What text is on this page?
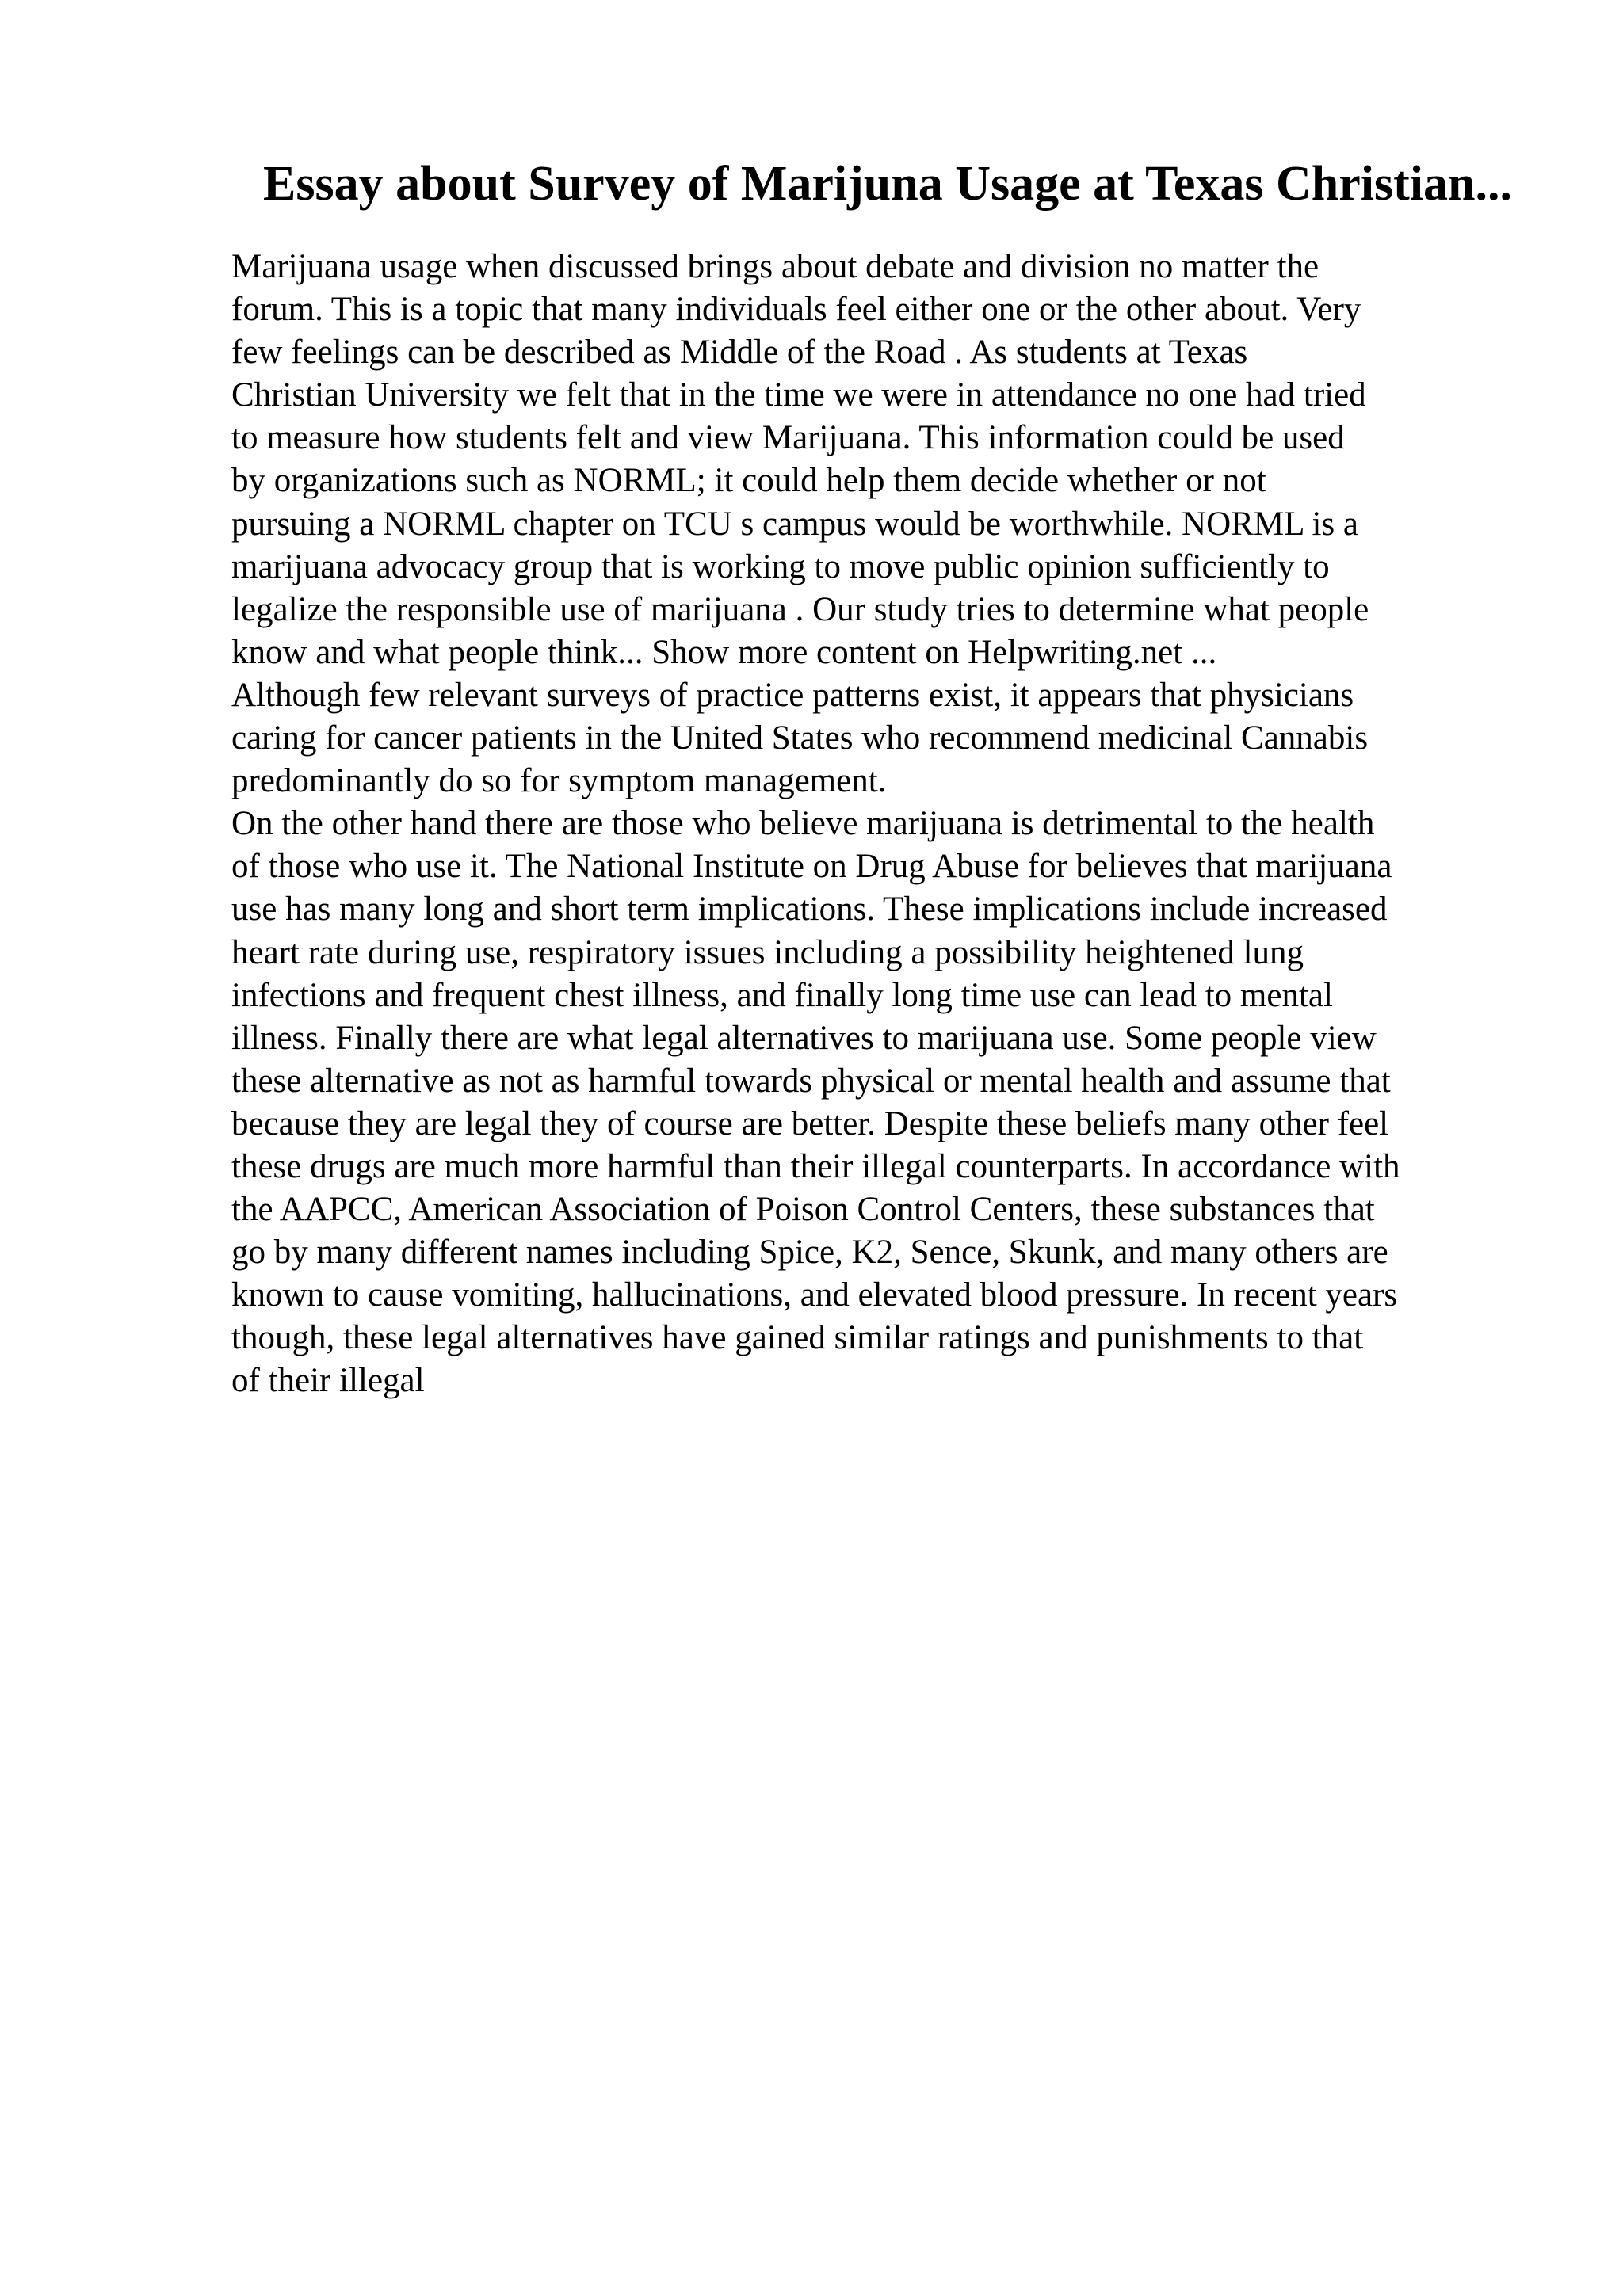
Essay about Survey of Marijuna Usage at Texas Christian...
Marijuana usage when discussed brings about debate and division no matter the
forum. This is a topic that many individuals feel either one or the other about. Very
few feelings can be described as Middle of the Road . As students at Texas
Christian University we felt that in the time we were in attendance no one had tried
to measure how students felt and view Marijuana. This information could be used
by organizations such as NORML; it could help them decide whether or not
pursuing a NORML chapter on TCU s campus would be worthwhile. NORML is a
marijuana advocacy group that is working to move public opinion sufficiently to
legalize the responsible use of marijuana . Our study tries to determine what people
know and what people think... Show more content on Helpwriting.net ...
Although few relevant surveys of practice patterns exist, it appears that physicians
caring for cancer patients in the United States who recommend medicinal Cannabis
predominantly do so for symptom management.
On the other hand there are those who believe marijuana is detrimental to the health
of those who use it. The National Institute on Drug Abuse for believes that marijuana
use has many long and short term implications. These implications include increased
heart rate during use, respiratory issues including a possibility heightened lung
infections and frequent chest illness, and finally long time use can lead to mental
illness. Finally there are what legal alternatives to marijuana use. Some people view
these alternative as not as harmful towards physical or mental health and assume that
because they are legal they of course are better. Despite these beliefs many other feel
these drugs are much more harmful than their illegal counterparts. In accordance with
the AAPCC, American Association of Poison Control Centers, these substances that
go by many different names including Spice, K2, Sence, Skunk, and many others are
known to cause vomiting, hallucinations, and elevated blood pressure. In recent years
though, these legal alternatives have gained similar ratings and punishments to that
of their illegal
